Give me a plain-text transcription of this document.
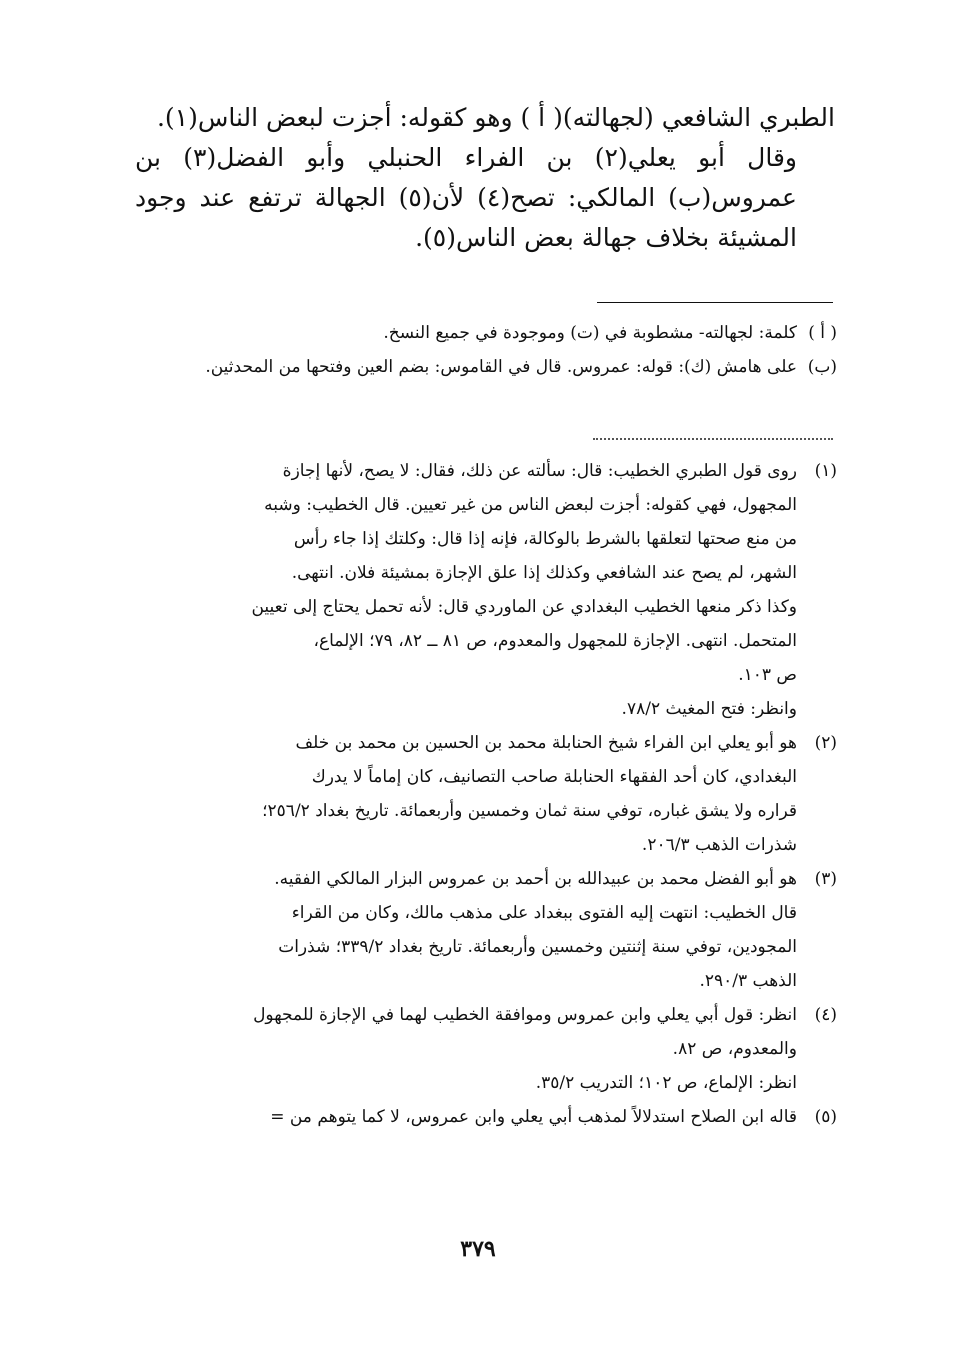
الطبري الشافعي (لجهالته)( أ ) وهو كقوله: أجزت لبعض الناس(١).

وقال أبو يعلي(٢) بن الفراء الحنبلي وأبو الفضل(٣) بن عمروس(ب) المالكي: تصح(٤) لأن(٥) الجهالة ترتفع عند وجود المشيئة بخلاف جهالة بعض الناس(٥).

( أ )
كلمة: لجهالته- مشطوبة في (ت) وموجودة في جميع النسخ.
(ب)
على هامش (ك): قوله: عمروس. قال في القاموس: بضم العين وفتحها من المحدثين.
(١)
روى قول الطبري الخطيب: قال: سألته عن ذلك، فقال: لا يصح، لأنها إجازة
المجهول، فهي كقوله: أجزت لبعض الناس من غير تعيين. قال الخطيب: وشبه
من منع صحتها لتعلقها بالشرط بالوكالة، فإنه إذا قال: وكلتك إذا جاء رأس
الشهر، لم يصح عند الشافعي وكذلك إذا علق الإجازة بمشيئة فلان. انتهى.
وكذا ذكر منعها الخطيب البغدادي عن الماوردي قال: لأنه تحمل يحتاج إلى تعيين
المتحمل. انتهى. الإجازة للمجهول والمعدوم، ص ٨١ ــ ٨٢، ٧٩؛ الإلماع،
ص ١٠٣.
وانظر: فتح المغيث ٧٨/٢.
(٢)
هو أبو يعلي ابن الفراء شيخ الحنابلة محمد بن الحسين بن محمد بن خلف
البغدادي، كان أحد الفقهاء الحنابلة صاحب التصانيف، كان إماماً لا يدرك
قراره ولا يشق غباره، توفي سنة ثمان وخمسين وأربعمائة. تاريخ بغداد ٢٥٦/٢؛
شذرات الذهب ٢٠٦/٣.
(٣)
هو أبو الفضل محمد بن عبيدالله بن أحمد بن عمروس البزار المالكي الفقيه.
قال الخطيب: انتهت إليه الفتوى ببغداد على مذهب مالك، وكان من القراء
المجودين، توفي سنة إثنتين وخمسين وأربعمائة. تاريخ بغداد ٣٣٩/٢؛ شذرات
الذهب ٢٩٠/٣.
(٤)
انظر: قول أبي يعلي وابن عمروس وموافقة الخطيب لهما في الإجازة للمجهول
والمعدوم، ص ٨٢.
انظر: الإلماع، ص ١٠٢؛ التدريب ٣٥/٢.
(٥)
قاله ابن الصلاح استدلالاً لمذهب أبي يعلي وابن عمروس، لا كما يتوهم من =
٣٧٩
